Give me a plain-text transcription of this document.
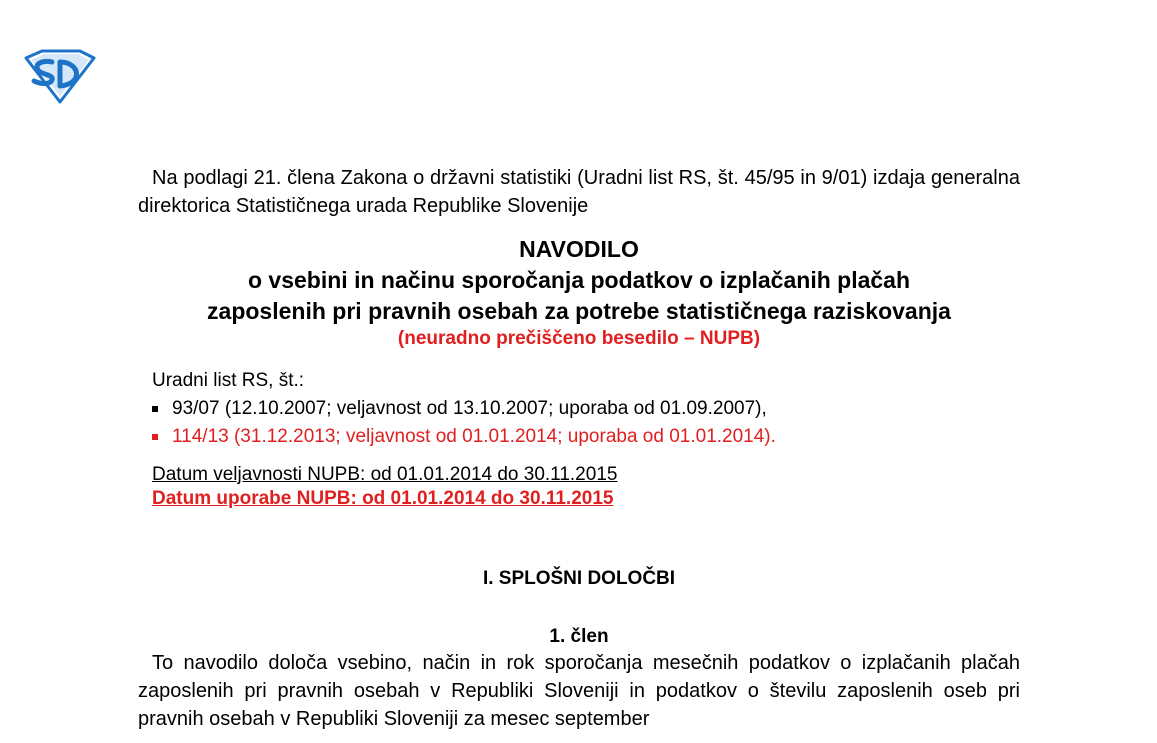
Na podlagi 21. člena Zakona o državni statistiki (Uradni list RS, št. 45/95 in 9/01) izdaja generalna direktorica Statističnega urada Republike Slovenije

NAVODILO
o vsebini in načinu sporočanja podatkov o izplačanih plačah
zaposlenih pri pravnih osebah za potrebe statističnega raziskovanja
(neuradno prečiščeno besedilo – NUPB)
Uradni list RS, št.:
93/07 (12.10.2007; veljavnost od 13.10.2007; uporaba od 01.09.2007),
114/13 (31.12.2013; veljavnost od 01.01.2014; uporaba od 01.01.2014).
Datum veljavnosti NUPB: od 01.01.2014 do 30.11.2015
Datum uporabe NUPB: od 01.01.2014 do 30.11.2015
I. SPLOŠNI DOLOČBI
1. člen

To navodilo določa vsebino, način in rok sporočanja mesečnih podatkov o izplačanih plačah zaposlenih pri pravnih osebah v Republiki Sloveniji in podatkov o številu zaposlenih oseb pri pravnih osebah v Republiki Sloveniji za mesec september
